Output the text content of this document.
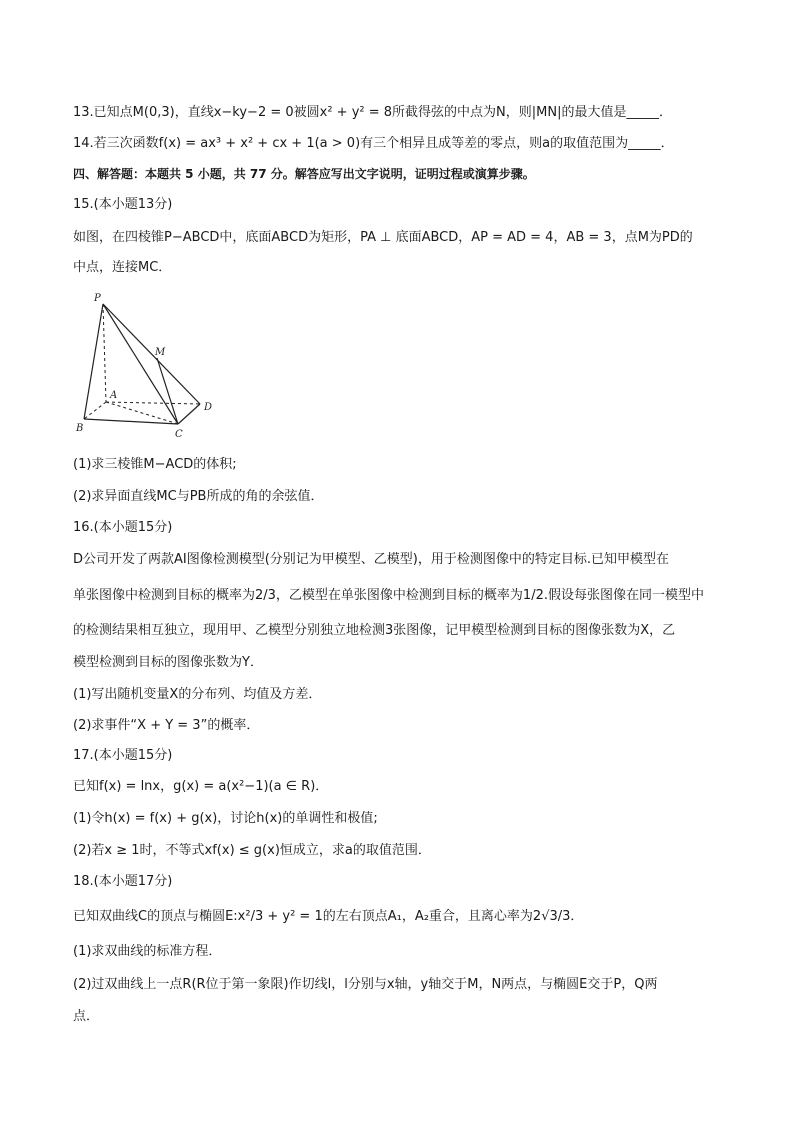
13.已知点M(0,3)，直线x−ky−2 = 0被圆x² + y² = 8所截得弦的中点为N，则|MN|的最大值是_____．
14.若三次函数f(x) = ax³ + x² + cx + 1(a > 0)有三个相异且成等差的零点，则a的取值范围为_____．
四、解答题：本题共 5 小题，共 77 分。解答应写出文字说明，证明过程或演算步骤。
15.(本小题13分)
如图，在四棱锥P−ABCD中，底面ABCD为矩形，PA ⊥ 底面ABCD，AP = AD = 4，AB = 3，点M为PD的
中点，连接MC．
P
M
A
B
C
D
(1)求三棱锥M−ACD的体积;
(2)求异面直线MC与PB所成的角的余弦值．
16.(本小题15分)
D公司开发了两款AI图像检测模型(分别记为甲模型、乙模型)，用于检测图像中的特定目标.已知甲模型在
单张图像中检测到目标的概率为2/3，乙模型在单张图像中检测到目标的概率为1/2.假设每张图像在同一模型中
的检测结果相互独立，现用甲、乙模型分别独立地检测3张图像，记甲模型检测到目标的图像张数为X，乙
模型检测到目标的图像张数为Y．
(1)写出随机变量X的分布列、均值及方差．
(2)求事件“X + Y = 3”的概率．
17.(本小题15分)
已知f(x) = lnx，g(x) = a(x²−1)(a ∈ R)．
(1)令h(x) = f(x) + g(x)，讨论h(x)的单调性和极值;
(2)若x ≥ 1时，不等式xf(x) ≤ g(x)恒成立，求a的取值范围．
18.(本小题17分)
已知双曲线C的顶点与椭圆E:x²/3 + y² = 1的左右顶点A₁，A₂重合，且离心率为2√3/3．
(1)求双曲线的标准方程．
(2)过双曲线上一点R(R位于第一象限)作切线l，l分别与x轴，y轴交于M，N两点，与椭圆E交于P，Q两
点．
